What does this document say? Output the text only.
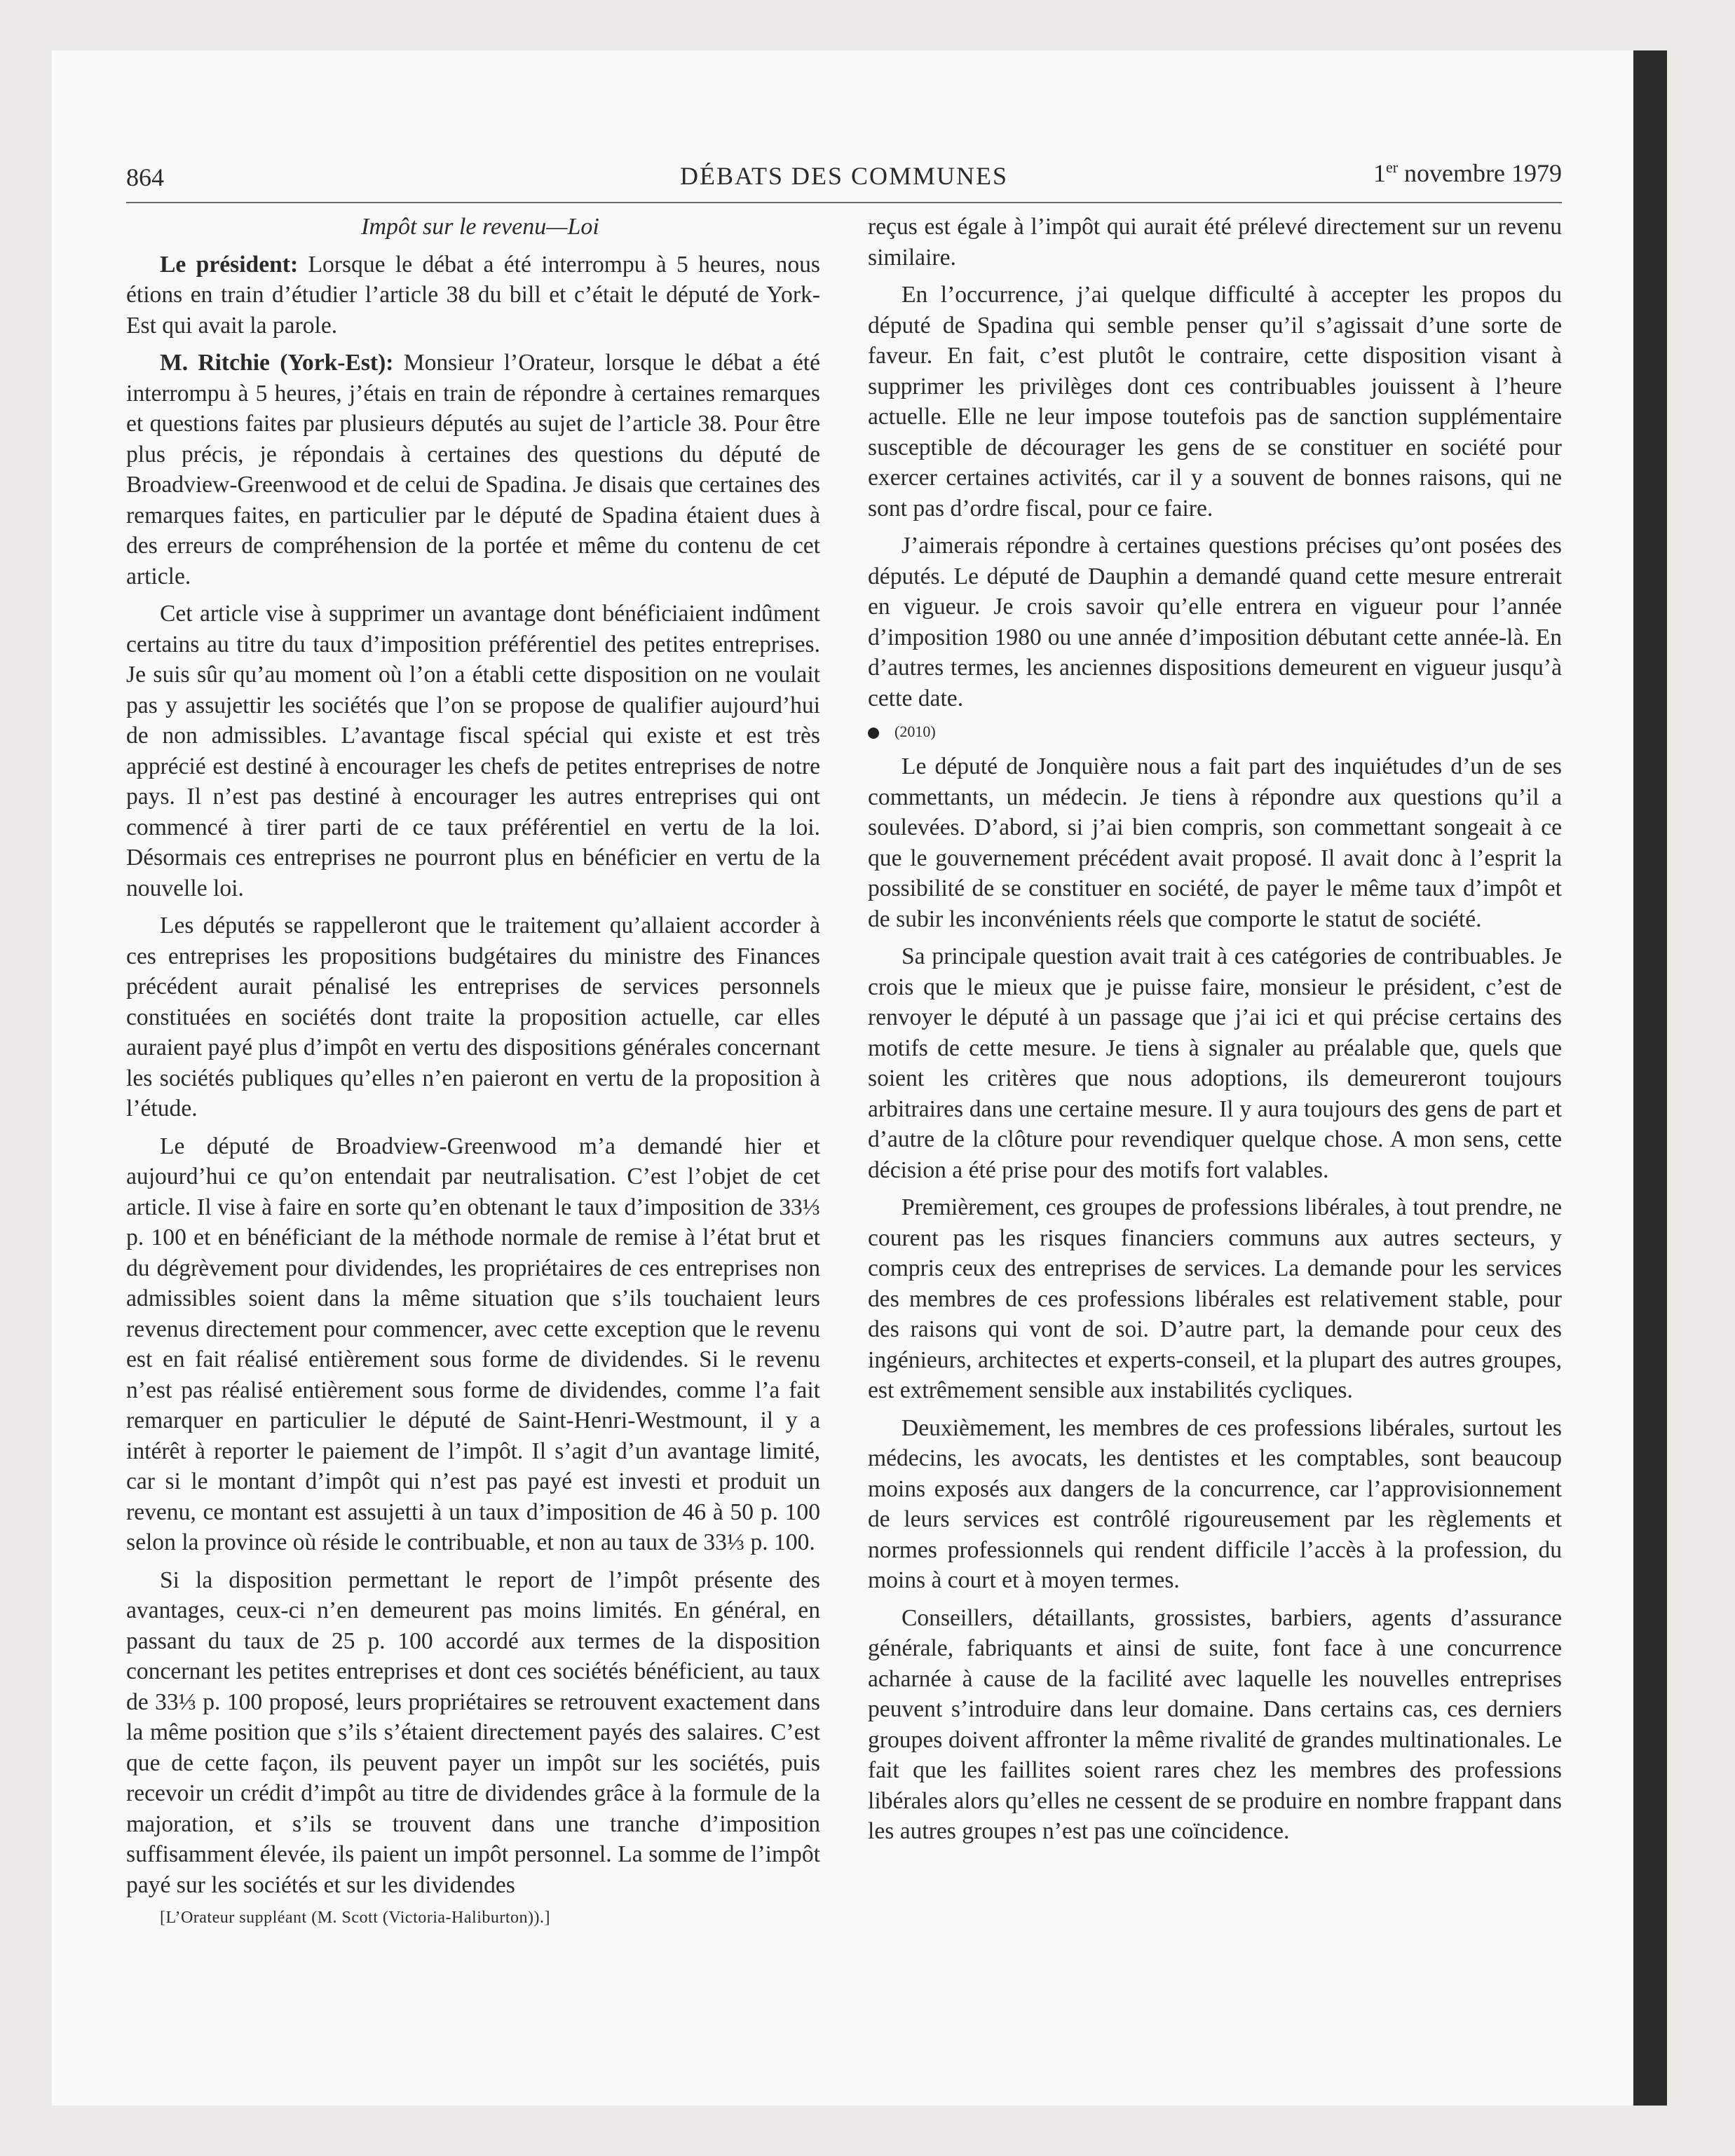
864	DÉBATS DES COMMUNES	1er novembre 1979
Impôt sur le revenu—Loi

Le président: Lorsque le débat a été interrompu à 5 heures, nous étions en train d’étudier l’article 38 du bill et c’était le député de York-Est qui avait la parole.

M. Ritchie (York-Est): Monsieur l’Orateur, lorsque le débat a été interrompu à 5 heures, j’étais en train de répondre à certaines remarques et questions faites par plusieurs députés au sujet de l’article 38. Pour être plus précis, je répondais à certaines des questions du député de Broadview-Greenwood et de celui de Spadina. Je disais que certaines des remarques faites, en particulier par le député de Spadina étaient dues à des erreurs de compréhension de la portée et même du contenu de cet article.

Cet article vise à supprimer un avantage dont bénéficiaient indûment certains au titre du taux d’imposition préférentiel des petites entreprises. Je suis sûr qu’au moment où l’on a établi cette disposition on ne voulait pas y assujettir les sociétés que l’on se propose de qualifier aujourd’hui de non admissibles. L’avantage fiscal spécial qui existe et est très apprécié est destiné à encourager les chefs de petites entreprises de notre pays. Il n’est pas destiné à encourager les autres entreprises qui ont commencé à tirer parti de ce taux préférentiel en vertu de la loi. Désormais ces entreprises ne pourront plus en bénéficier en vertu de la nouvelle loi.

Les députés se rappelleront que le traitement qu’allaient accorder à ces entreprises les propositions budgétaires du ministre des Finances précédent aurait pénalisé les entreprises de services personnels constituées en sociétés dont traite la proposition actuelle, car elles auraient payé plus d’impôt en vertu des dispositions générales concernant les sociétés publiques qu’elles n’en paieront en vertu de la proposition à l’étude.

Le député de Broadview-Greenwood m’a demandé hier et aujourd’hui ce qu’on entendait par neutralisation. C’est l’objet de cet article. Il vise à faire en sorte qu’en obtenant le taux d’imposition de 33⅓ p. 100 et en bénéficiant de la méthode normale de remise à l’état brut et du dégrèvement pour dividendes, les propriétaires de ces entreprises non admissibles soient dans la même situation que s’ils touchaient leurs revenus directement pour commencer, avec cette exception que le revenu est en fait réalisé entièrement sous forme de dividendes. Si le revenu n’est pas réalisé entièrement sous forme de dividendes, comme l’a fait remarquer en particulier le député de Saint-Henri-Westmount, il y a intérêt à reporter le paiement de l’impôt. Il s’agit d’un avantage limité, car si le montant d’impôt qui n’est pas payé est investi et produit un revenu, ce montant est assujetti à un taux d’imposition de 46 à 50 p. 100 selon la province où réside le contribuable, et non au taux de 33⅓ p. 100.

Si la disposition permettant le report de l’impôt présente des avantages, ceux-ci n’en demeurent pas moins limités. En général, en passant du taux de 25 p. 100 accordé aux termes de la disposition concernant les petites entreprises et dont ces sociétés bénéficient, au taux de 33⅓ p. 100 proposé, leurs propriétaires se retrouvent exactement dans la même position que s’ils s’étaient directement payés des salaires. C’est que de cette façon, ils peuvent payer un impôt sur les sociétés, puis recevoir un crédit d’impôt au titre de dividendes grâce à la formule de la majoration, et s’ils se trouvent dans une tranche d’imposition suffisamment élevée, ils paient un impôt personnel. La somme de l’impôt payé sur les sociétés et sur les dividendes

[L’Orateur suppléant (M. Scott (Victoria-Haliburton)).]

reçus est égale à l’impôt qui aurait été prélevé directement sur un revenu similaire.

En l’occurrence, j’ai quelque difficulté à accepter les propos du député de Spadina qui semble penser qu’il s’agissait d’une sorte de faveur. En fait, c’est plutôt le contraire, cette disposition visant à supprimer les privilèges dont ces contribuables jouissent à l’heure actuelle. Elle ne leur impose toutefois pas de sanction supplémentaire susceptible de décourager les gens de se constituer en société pour exercer certaines activités, car il y a souvent de bonnes raisons, qui ne sont pas d’ordre fiscal, pour ce faire.

J’aimerais répondre à certaines questions précises qu’ont posées des députés. Le député de Dauphin a demandé quand cette mesure entrerait en vigueur. Je crois savoir qu’elle entrera en vigueur pour l’année d’imposition 1980 ou une année d’imposition débutant cette année-là. En d’autres termes, les anciennes dispositions demeurent en vigueur jusqu’à cette date.

(2010)

Le député de Jonquière nous a fait part des inquiétudes d’un de ses commettants, un médecin. Je tiens à répondre aux questions qu’il a soulevées. D’abord, si j’ai bien compris, son commettant songeait à ce que le gouvernement précédent avait proposé. Il avait donc à l’esprit la possibilité de se constituer en société, de payer le même taux d’impôt et de subir les inconvénients réels que comporte le statut de société.

Sa principale question avait trait à ces catégories de contribuables. Je crois que le mieux que je puisse faire, monsieur le président, c’est de renvoyer le député à un passage que j’ai ici et qui précise certains des motifs de cette mesure. Je tiens à signaler au préalable que, quels que soient les critères que nous adoptions, ils demeureront toujours arbitraires dans une certaine mesure. Il y aura toujours des gens de part et d’autre de la clôture pour revendiquer quelque chose. A mon sens, cette décision a été prise pour des motifs fort valables.

Premièrement, ces groupes de professions libérales, à tout prendre, ne courent pas les risques financiers communs aux autres secteurs, y compris ceux des entreprises de services. La demande pour les services des membres de ces professions libérales est relativement stable, pour des raisons qui vont de soi. D’autre part, la demande pour ceux des ingénieurs, architectes et experts-conseil, et la plupart des autres groupes, est extrêmement sensible aux instabilités cycliques.

Deuxièmement, les membres de ces professions libérales, surtout les médecins, les avocats, les dentistes et les comptables, sont beaucoup moins exposés aux dangers de la concurrence, car l’approvisionnement de leurs services est contrôlé rigoureusement par les règlements et normes professionnels qui rendent difficile l’accès à la profession, du moins à court et à moyen termes.

Conseillers, détaillants, grossistes, barbiers, agents d’assurance générale, fabriquants et ainsi de suite, font face à une concurrence acharnée à cause de la facilité avec laquelle les nouvelles entreprises peuvent s’introduire dans leur domaine. Dans certains cas, ces derniers groupes doivent affronter la même rivalité de grandes multinationales. Le fait que les faillites soient rares chez les membres des professions libérales alors qu’elles ne cessent de se produire en nombre frappant dans les autres groupes n’est pas une coïncidence.
